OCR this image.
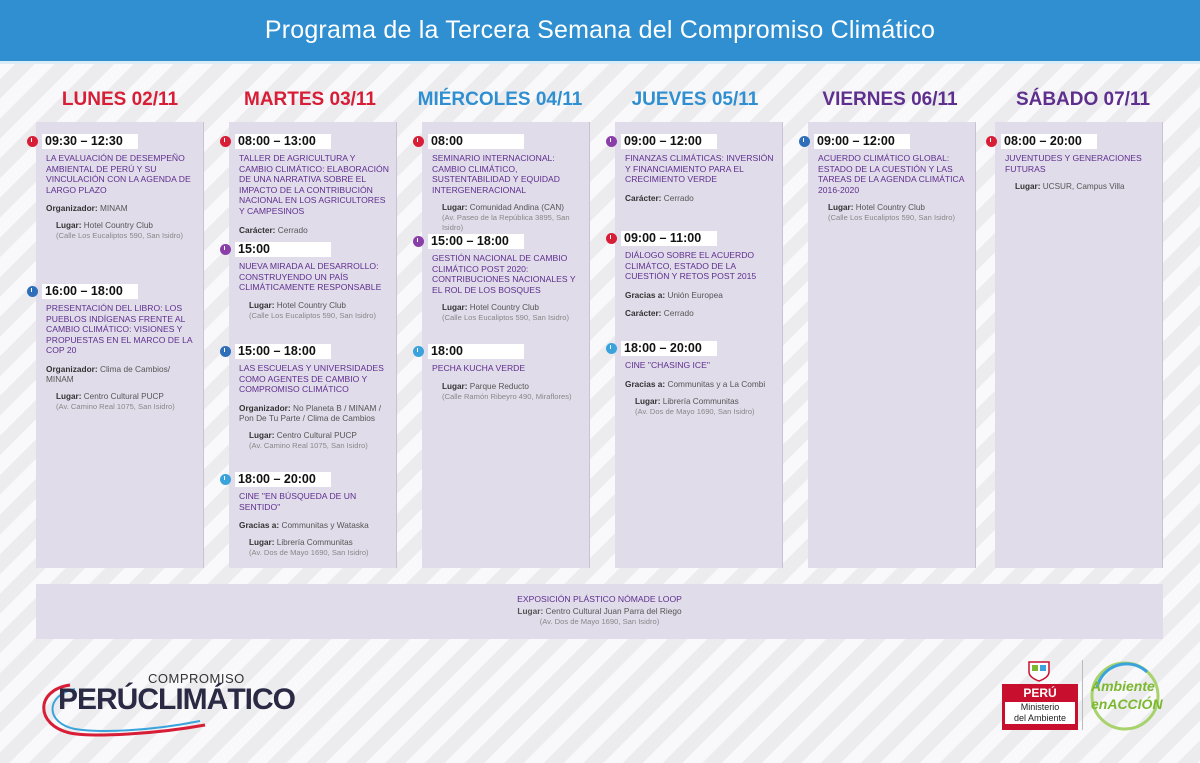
Programa de la Tercera Semana del Compromiso Climático
LUNES 02/11
09:30 – 12:30
LA EVALUACIÓN DE DESEMPEÑO AMBIENTAL DE PERÚ Y SU VINCULACIÓN CON LA AGENDA DE LARGO PLAZO
Organizador: MINAM
Lugar: Hotel Country Club
(Calle Los Eucaliptos 590, San Isidro)
16:00 – 18:00
PRESENTACIÓN DEL LIBRO: LOS PUEBLOS INDÍGENAS FRENTE AL CAMBIO CLIMÁTICO: VISIONES Y PROPUESTAS EN EL MARCO DE LA COP 20
Organizador: Clima de Cambios/ MINAM
Lugar: Centro Cultural PUCP
(Av. Camino Real 1075, San Isidro)
MARTES 03/11
08:00 – 13:00
TALLER DE AGRICULTURA Y CAMBIO CLIMÁTICO: ELABORACIÓN DE UNA NARRATIVA SOBRE EL IMPACTO DE LA CONTRIBUCIÓN NACIONAL EN LOS AGRICULTORES Y CAMPESINOS
Carácter: Cerrado
15:00
NUEVA MIRADA AL DESARROLLO: CONSTRUYENDO UN PAÍS CLIMÁTICAMENTE RESPONSABLE
Lugar: Hotel Country Club
(Calle Los Eucaliptos 590, San Isidro)
15:00 – 18:00
LAS ESCUELAS Y UNIVERSIDADES COMO AGENTES DE CAMBIO Y COMPROMISO CLIMÁTICO
Organizador: No Planeta B / MINAM / Pon De Tu Parte / Clima de Cambios
Lugar: Centro Cultural PUCP
(Av. Camino Real 1075, San Isidro)
18:00 – 20:00
CINE "EN BÚSQUEDA DE UN SENTIDO"
Gracias a: Communitas y Wataska
Lugar: Librería Communitas
(Av. Dos de Mayo 1690, San Isidro)
MIÉRCOLES 04/11
08:00
SEMINARIO INTERNACIONAL: CAMBIO CLIMÁTICO, SUSTENTABILIDAD Y EQUIDAD INTERGENERACIONAL
Lugar: Comunidad Andina (CAN)
(Av. Paseo de la República 3895, San Isidro)
15:00 – 18:00
GESTIÓN NACIONAL DE CAMBIO CLIMÁTICO POST 2020: CONTRIBUCIONES NACIONALES Y EL ROL DE LOS BOSQUES
Lugar: Hotel Country Club
(Calle Los Eucaliptos 590, San Isidro)
18:00
PECHA KUCHA VERDE
Lugar: Parque Reducto
(Calle Ramón Ribeyro 490, Miraflores)
JUEVES 05/11
09:00 – 12:00
FINANZAS CLIMÁTICAS: INVERSIÓN Y FINANCIAMIENTO PARA EL CRECIMIENTO VERDE
Carácter: Cerrado
09:00 – 11:00
DIÁLOGO SOBRE EL ACUERDO CLIMÁTCO, ESTADO DE LA CUESTIÓN Y RETOS POST 2015
Gracias a: Unión Europea
Carácter: Cerrado
18:00 – 20:00
CINE "CHASING ICE"
Gracias a: Communitas y a La Combi
Lugar: Librería Communitas
(Av. Dos de Mayo 1690, San Isidro)
VIERNES 06/11
09:00 – 12:00
ACUERDO CLIMÁTICO GLOBAL: ESTADO DE LA CUESTIÓN Y LAS TAREAS DE LA AGENDA CLIMÁTICA 2016-2020
Lugar: Hotel Country Club
(Calle Los Eucaliptos 590, San Isidro)
SÁBADO 07/11
08:00 – 20:00
JUVENTUDES Y GENERACIONES FUTURAS
Lugar: UCSUR, Campus Villa
EXPOSICIÓN PLÁSTICO NÓMADE LOOP
Lugar: Centro Cultural Juan Parra del Riego
(Av. Dos de Mayo 1690, San Isidro)
COMPROMISO
PERÚCLIMÁTICO	PERÚ
Ministerio
del Ambiente
Ambiente
enACCIÓN
